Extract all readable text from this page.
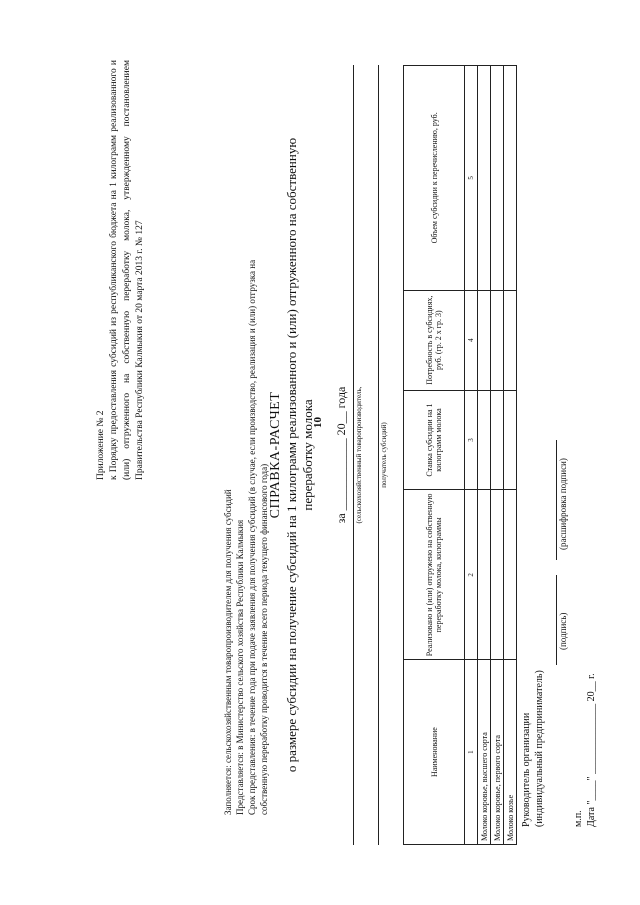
10
Приложение № 2 к Порядку предоставления субсидий из республиканского бюджета на 1 килограмм реализованного и (или) отгруженного на собственную переработку молока, утвержденному постановлением Правительства Республики Калмыкия от 20 марта 2013 г. № 127
Заполняется: сельскохозяйственным товаропроизводителем для получения субсидий Представляется: в Министерство сельского хозяйства Республики Калмыкия Срок представления: в течение года при подаче заявления для получения субсидий (в случае, если производство, реализация и (или) отгрузка на собственную переработку проводится в течение всего периода текущего финансового года)
СПРАВКА-РАСЧЕТ о размере субсидии на получение субсидий на 1 килограмм реализованного и (или) отгруженного на собственную переработку молока
за ____________ 20__ года (сельскохозяйственный товаропроизводитель, получатель субсидий)
Наименование	Реализовано и (или) отгружено на собственную переработку молока, килограммы	Ставка субсидии на 1 килограмм молока	Потребность в субсидиях, руб. (гр. 2 x гр. 3)	Объем субсидии к перечислению, руб.
1	2	3	4	5
Молоко коровье, высшего сорта				
Молоко коровье, первого сорта				
Молоко козье				Руководитель организации (индивидуальный предприниматель)
(подпись)
(расшифровка подписи)
м.п. Дата "____" ______________ 20__ г.
